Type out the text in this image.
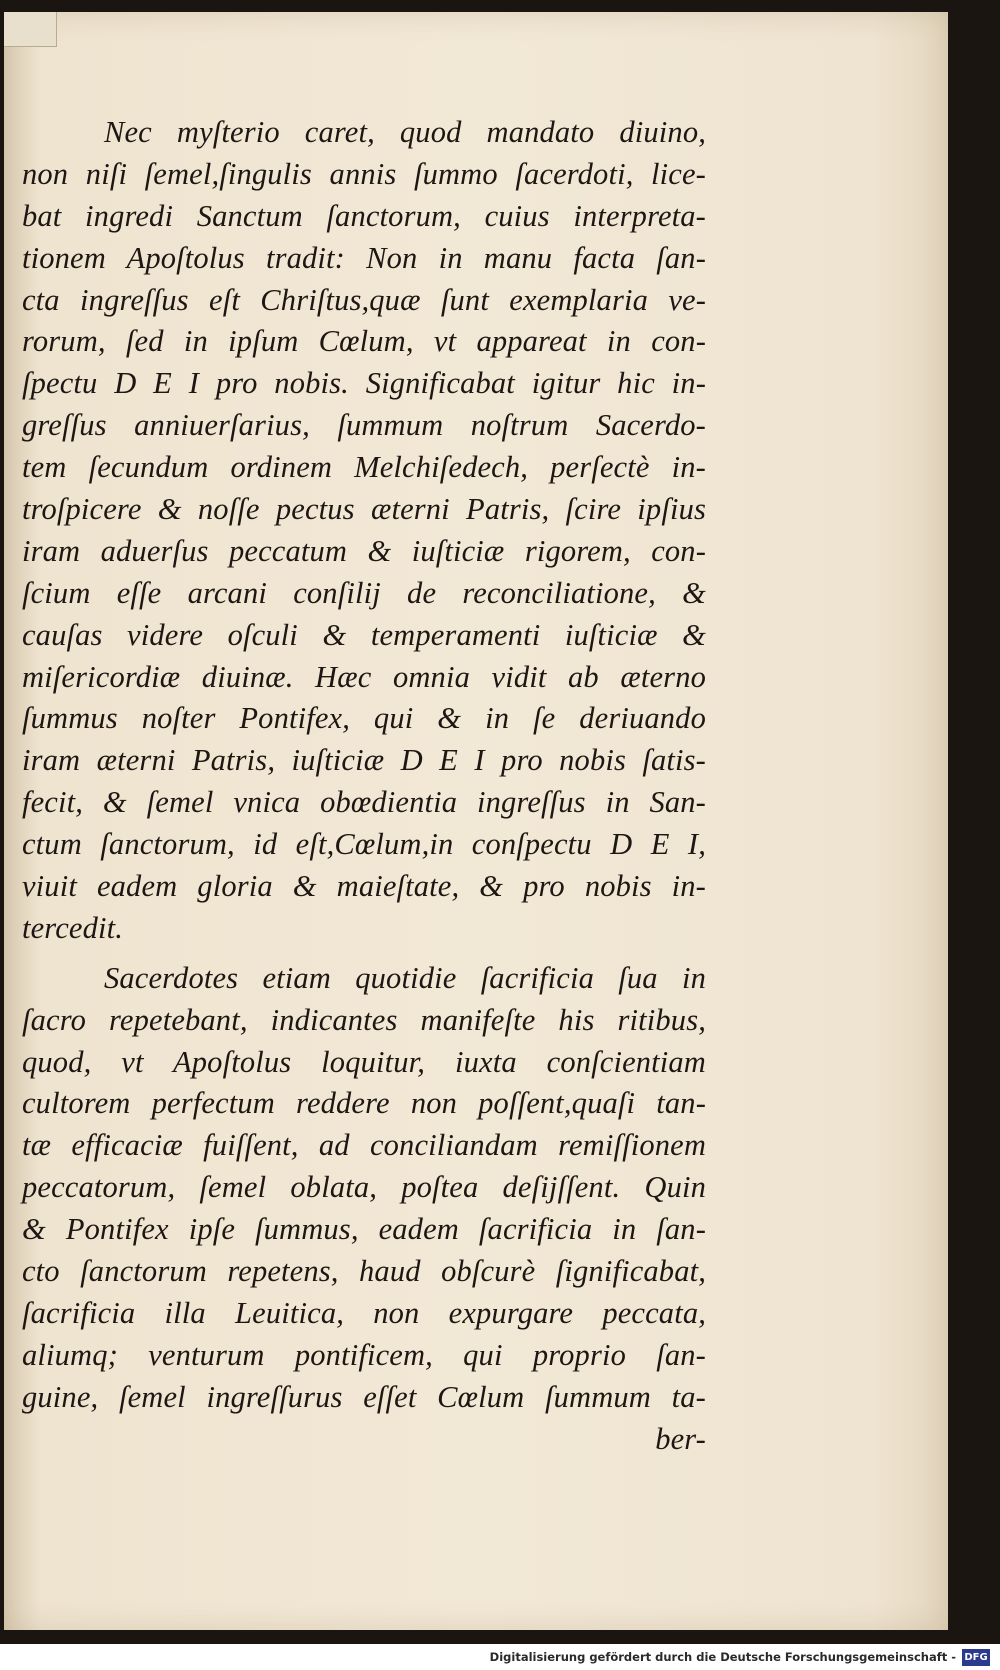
Nec myſterio caret, quod mandato diuino,
non niſi ſemel,ſingulis annis ſummo ſacerdoti, lice-
bat ingredi Sanctum ſanctorum, cuius interpreta-
tionem Apoſtolus tradit: Non in manu facta ſan-
cta ingreſſus eſt Chriſtus,quæ ſunt exemplaria ve-
rorum, ſed in ipſum Cœlum, vt appareat in con-
ſpectu D E I pro nobis. Significabat igitur hic in-
greſſus anniuerſarius, ſummum noſtrum Sacerdo-
tem ſecundum ordinem Melchiſedech, perſectè in-
troſpicere & noſſe pectus æterni Patris, ſcire ipſius
iram aduerſus peccatum & iuſticiæ rigorem, con-
ſcium eſſe arcani conſilij de reconciliatione, &
cauſas videre oſculi & temperamenti iuſticiæ &
miſericordiæ diuinæ. Hæc omnia vidit ab æterno
ſummus noſter Pontifex, qui & in ſe deriuando
iram æterni Patris, iuſticiæ D E I pro nobis ſatis-
fecit, & ſemel vnica obœdientia ingreſſus in San-
ctum ſanctorum, id eſt,Cœlum,in conſpectu D E I,
viuit eadem gloria & maieſtate, & pro nobis in-
tercedit.

Sacerdotes etiam quotidie ſacrificia ſua in
ſacro repetebant, indicantes manifeſte his ritibus,
quod, vt Apoſtolus loquitur, iuxta conſcientiam
cultorem perfectum reddere non poſſent,quaſi tan-
tæ efficaciæ fuiſſent, ad conciliandam remiſſionem
peccatorum, ſemel oblata, poſtea deſijſſent. Quin
& Pontifex ipſe ſummus, eadem ſacrificia in ſan-
cto ſanctorum repetens, haud obſcurè ſignificabat,
ſacrificia illa Leuitica, non expurgare peccata,
aliumq; venturum pontificem, qui proprio ſan-
guine, ſemel ingreſſurus eſſet Cœlum ſummum ta-

ber-
Digitalisierung gefördert durch die Deutsche Forschungsgemeinschaft - DFG
